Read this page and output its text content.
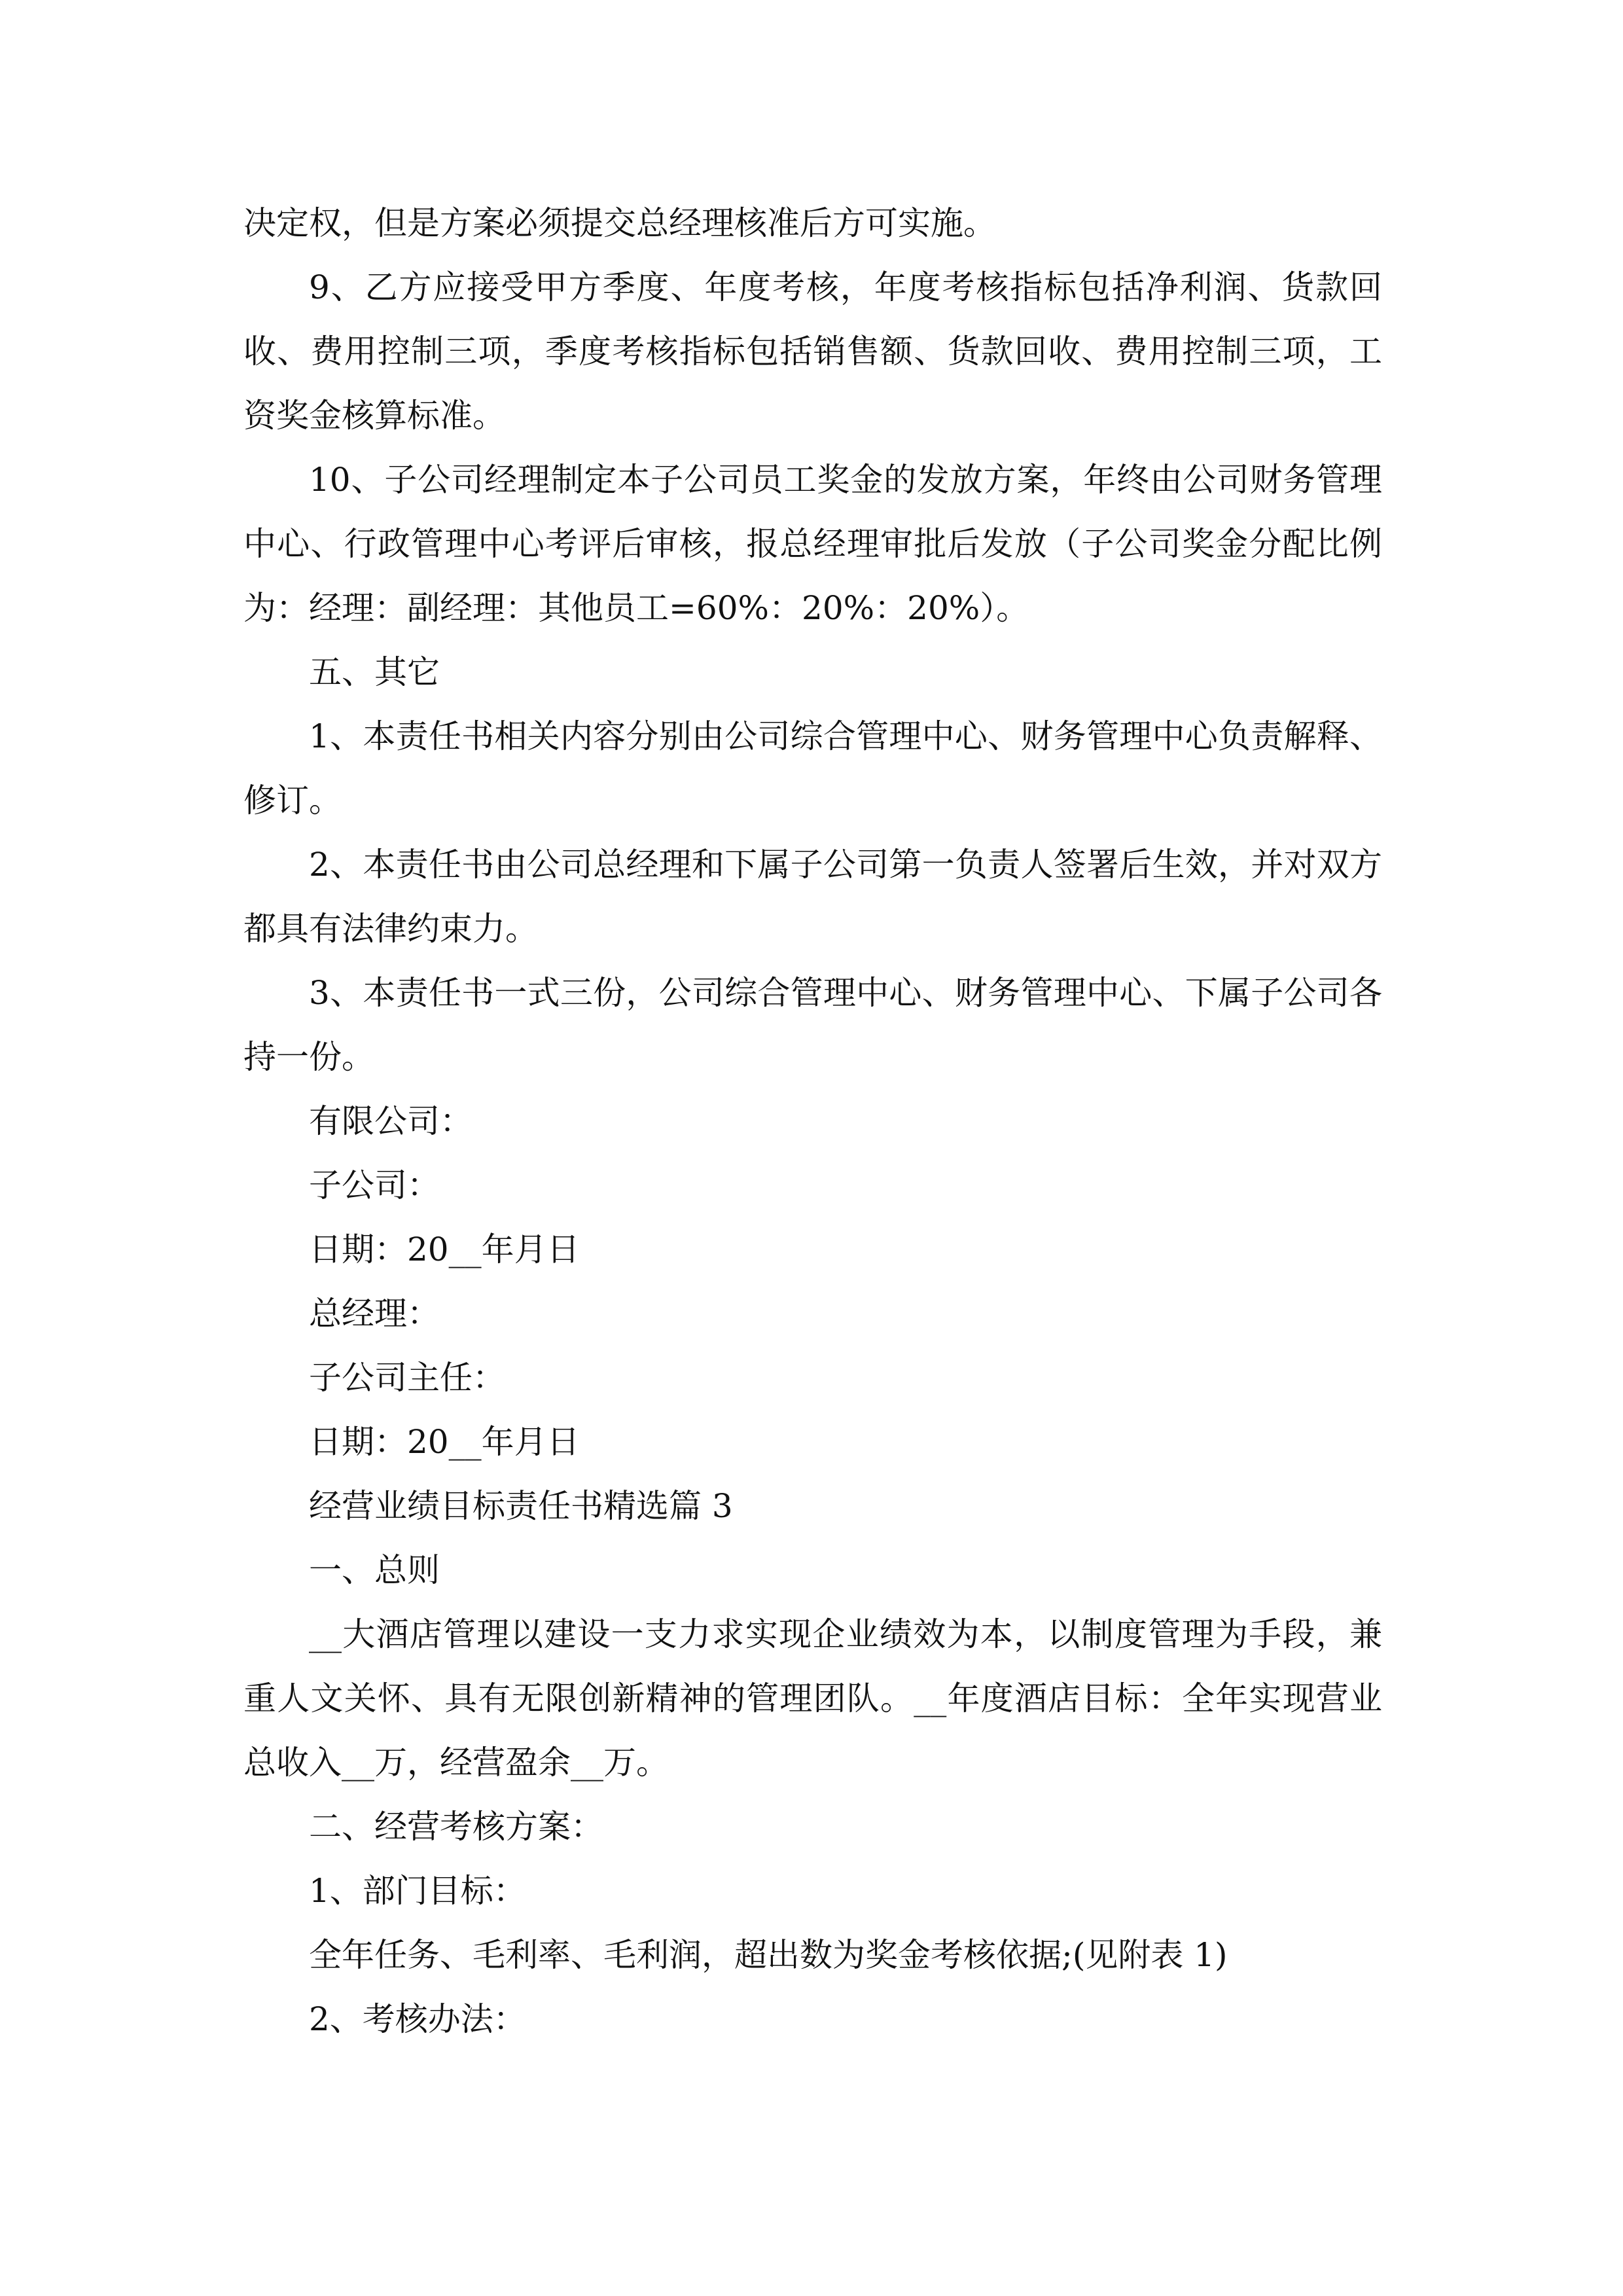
决定权，但是方案必须提交总经理核准后方可实施。

9、乙方应接受甲方季度、年度考核，年度考核指标包括净利润、货款回收、费用控制三项，季度考核指标包括销售额、货款回收、费用控制三项，工资奖金核算标准。

10、子公司经理制定本子公司员工奖金的发放方案，年终由公司财务管理中心、行政管理中心考评后审核，报总经理审批后发放（子公司奖金分配比例为：经理：副经理：其他员工=60%：20%：20%）。

五、其它

1、本责任书相关内容分别由公司综合管理中心、财务管理中心负责解释、修订。

2、本责任书由公司总经理和下属子公司第一负责人签署后生效，并对双方都具有法律约束力。

3、本责任书一式三份，公司综合管理中心、财务管理中心、下属子公司各持一份。

有限公司：

子公司：

日期：20__年月日

总经理：

子公司主任：

日期：20__年月日

经营业绩目标责任书精选篇 3

一、总则

__大酒店管理以建设一支力求实现企业绩效为本，以制度管理为手段，兼重人文关怀、具有无限创新精神的管理团队。__年度酒店目标：全年实现营业总收入__万，经营盈余__万。

二、经营考核方案：

1、部门目标：

全年任务、毛利率、毛利润，超出数为奖金考核依据;(见附表 1)

2、考核办法：
